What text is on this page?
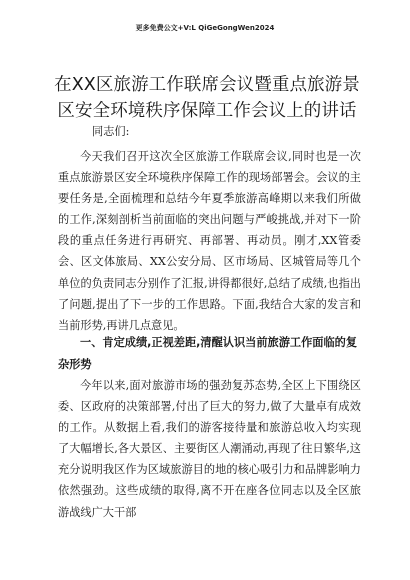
更多免费公文+V:L QiGeGongWen2024
在XX区旅游工作联席会议暨重点旅游景区安全环境秩序保障工作会议上的讲话
同志们:
今天我们召开这次全区旅游工作联席会议,同时也是一次重点旅游景区安全环境秩序保障工作的现场部署会。会议的主要任务是,全面梳理和总结今年夏季旅游高峰期以来我们所做的工作,深刻剖析当前面临的突出问题与严峻挑战,并对下一阶段的重点任务进行再研究、再部署、再动员。刚才,XX管委会、区文体旅局、XX公安分局、区市场局、区城管局等几个单位的负责同志分别作了汇报,讲得都很好,总结了成绩,也指出了问题,提出了下一步的工作思路。下面,我结合大家的发言和当前形势,再讲几点意见。
一、肯定成绩,正视差距,清醒认识当前旅游工作面临的复杂形势
今年以来,面对旅游市场的强劲复苏态势,全区上下围绕区委、区政府的决策部署,付出了巨大的努力,做了大量卓有成效的工作。从数据上看,我们的游客接待量和旅游总收入均实现了大幅增长,各大景区、主要街区人潮涌动,再现了往日繁华,这充分说明我区作为区域旅游目的地的核心吸引力和品牌影响力依然强劲。这些成绩的取得,离不开在座各位同志以及全区旅游战线广大干部
